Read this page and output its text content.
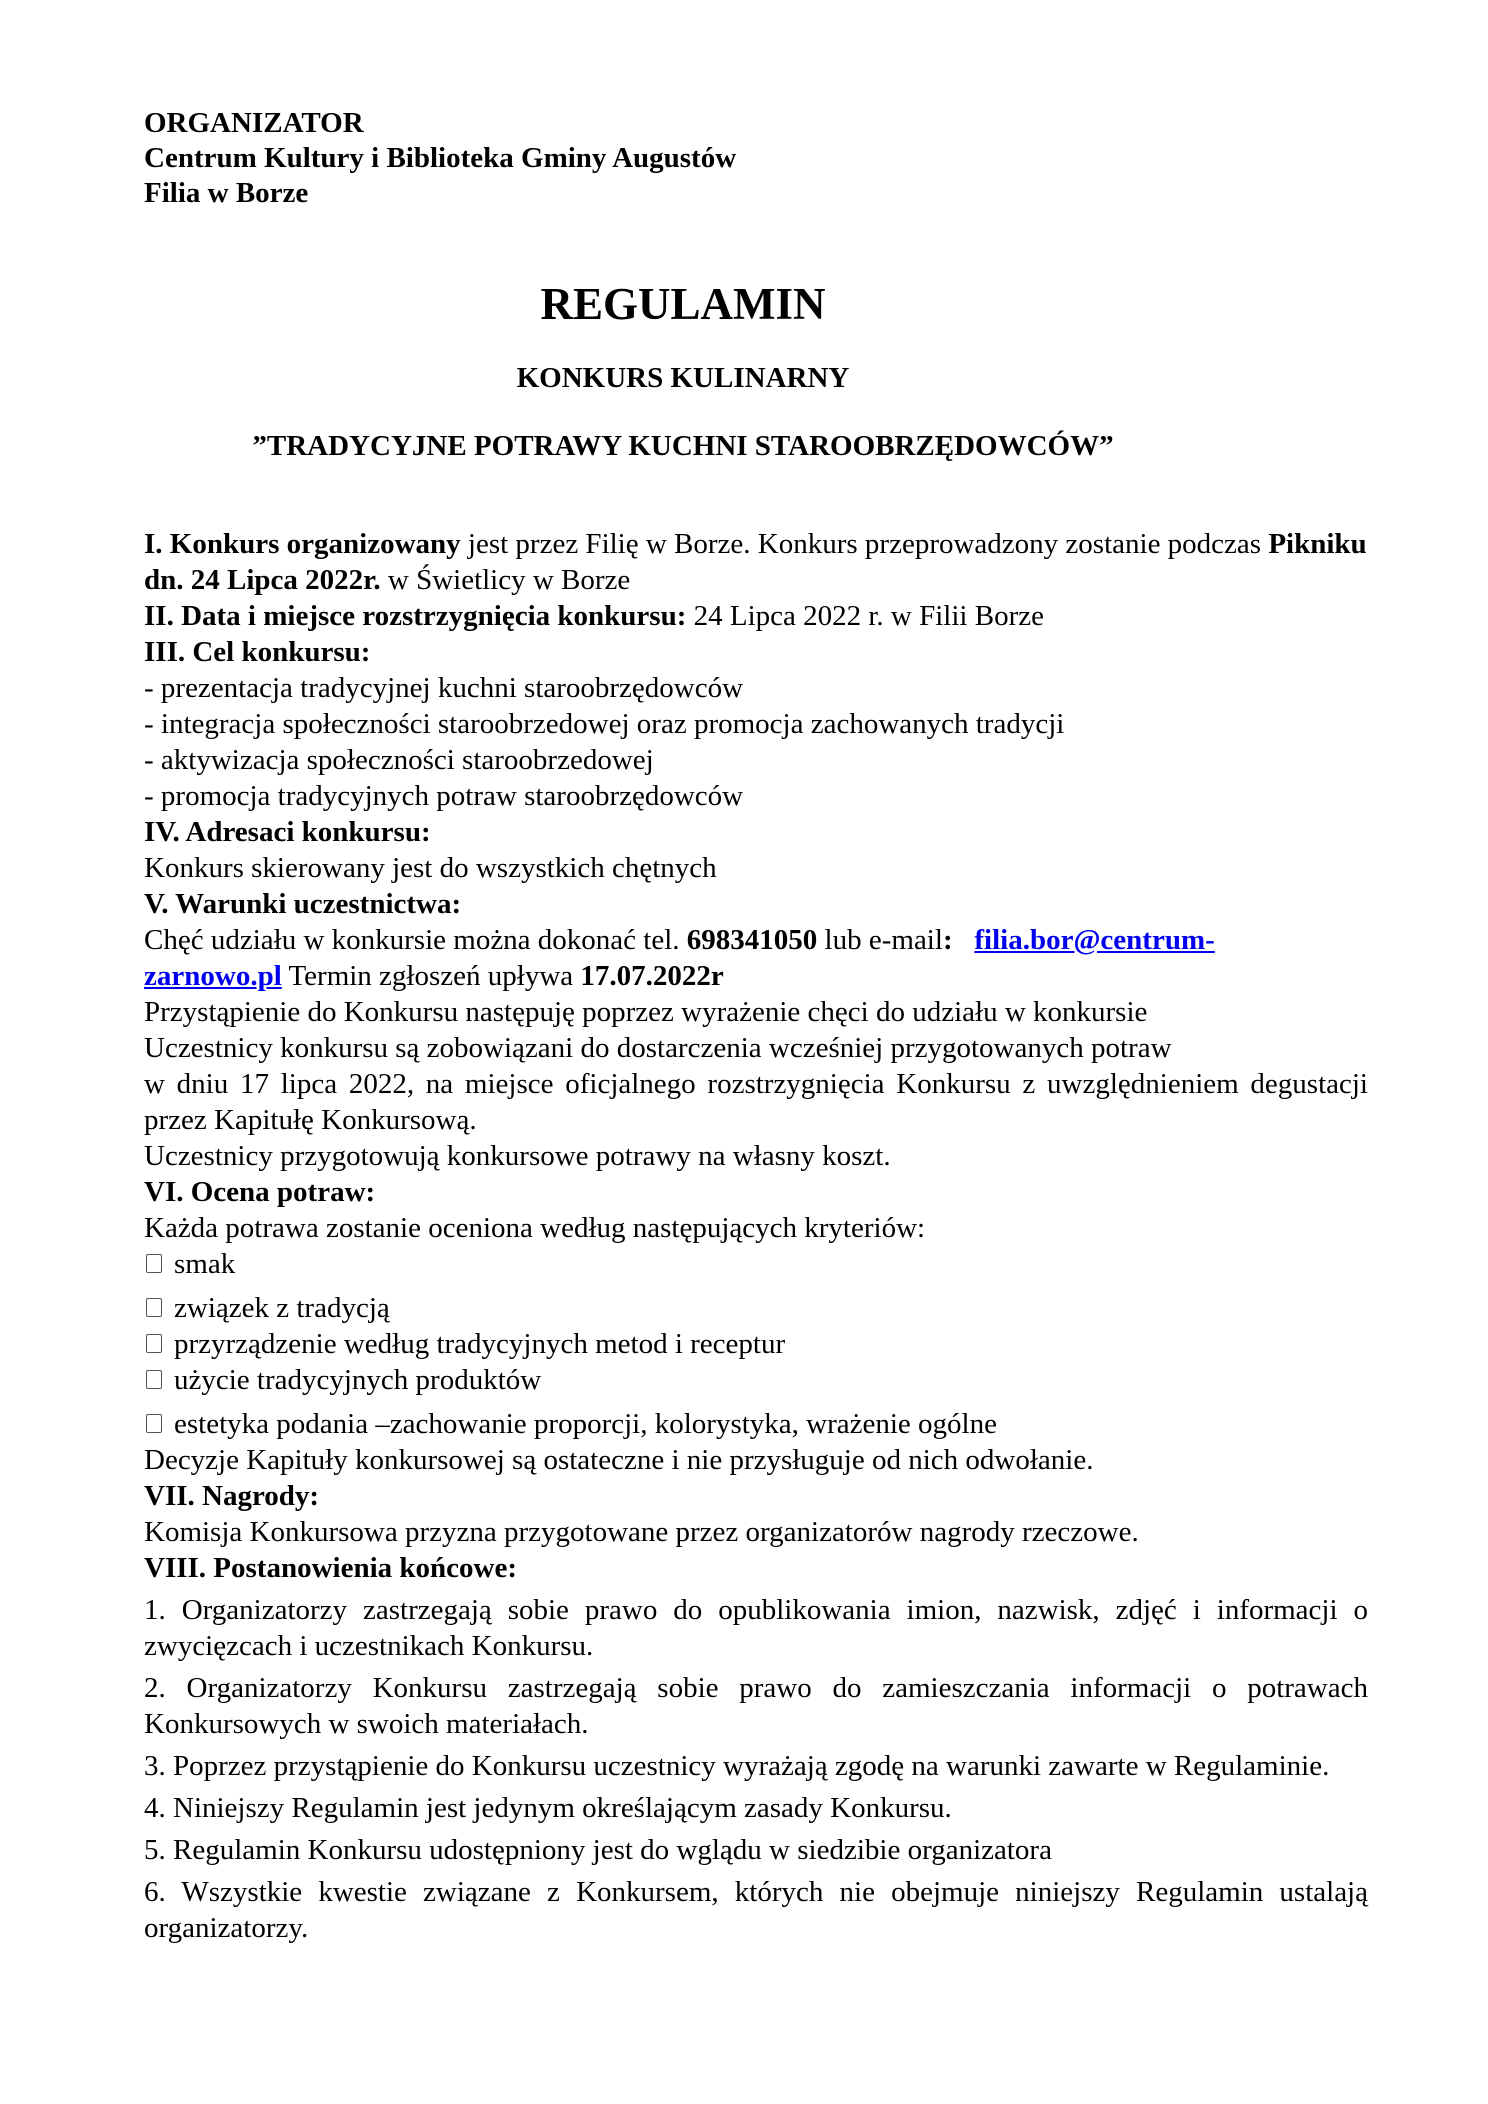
ORGANIZATOR
Centrum Kultury i Biblioteka Gminy Augustów
Filia w Borze
REGULAMIN
KONKURS KULINARNY
”TRADYCYJNE POTRAWY KUCHNI STAROOBRZĘDOWCÓW”
I. Konkurs organizowany jest przez Filię w Borze. Konkurs przeprowadzony zostanie podczas Pikniku dn. 24 Lipca 2022r. w Świetlicy w Borze
II. Data i miejsce rozstrzygnięcia konkursu: 24 Lipca 2022 r. w Filii Borze
III. Cel konkursu:
- prezentacja tradycyjnej kuchni staroobrzędowców
- integracja społeczności staroobrzedowej oraz promocja zachowanych tradycji
- aktywizacja społeczności staroobrzedowej
- promocja tradycyjnych potraw staroobrzędowców
IV. Adresaci konkursu:
Konkurs skierowany jest do wszystkich chętnych
V. Warunki uczestnictwa:
Chęć udziału w konkursie można dokonać tel. 698341050 lub e-mail: filia.bor@centrum-
zarnowo.pl Termin zgłoszeń upływa 17.07.2022r
Przystąpienie do Konkursu następuję poprzez wyrażenie chęci do udziału w konkursie
Uczestnicy konkursu są zobowiązani do dostarczenia wcześniej przygotowanych potraw
w dniu 17 lipca 2022, na miejsce oficjalnego rozstrzygnięcia Konkursu z uwzględnieniem degustacji przez Kapitułę Konkursową.
Uczestnicy przygotowują konkursowe potrawy na własny koszt.
VI. Ocena potraw:
Każda potrawa zostanie oceniona według następujących kryteriów:
smak
związek z tradycją
przyrządzenie według tradycyjnych metod i receptur
użycie tradycyjnych produktów
estetyka podania –zachowanie proporcji, kolorystyka, wrażenie ogólne
Decyzje Kapituły konkursowej są ostateczne i nie przysługuje od nich odwołanie.
VII. Nagrody:
Komisja Konkursowa przyzna przygotowane przez organizatorów nagrody rzeczowe.
VIII. Postanowienia końcowe:
1. Organizatorzy zastrzegają sobie prawo do opublikowania imion, nazwisk, zdjęć i informacji o zwycięzcach i uczestnikach Konkursu.
2. Organizatorzy Konkursu zastrzegają sobie prawo do zamieszczania informacji o potrawach Konkursowych w swoich materiałach.
3. Poprzez przystąpienie do Konkursu uczestnicy wyrażają zgodę na warunki zawarte w Regulaminie.
4. Niniejszy Regulamin jest jedynym określającym zasady Konkursu.
5. Regulamin Konkursu udostępniony jest do wglądu w siedzibie organizatora
6. Wszystkie kwestie związane z Konkursem, których nie obejmuje niniejszy Regulamin ustalają organizatorzy.
